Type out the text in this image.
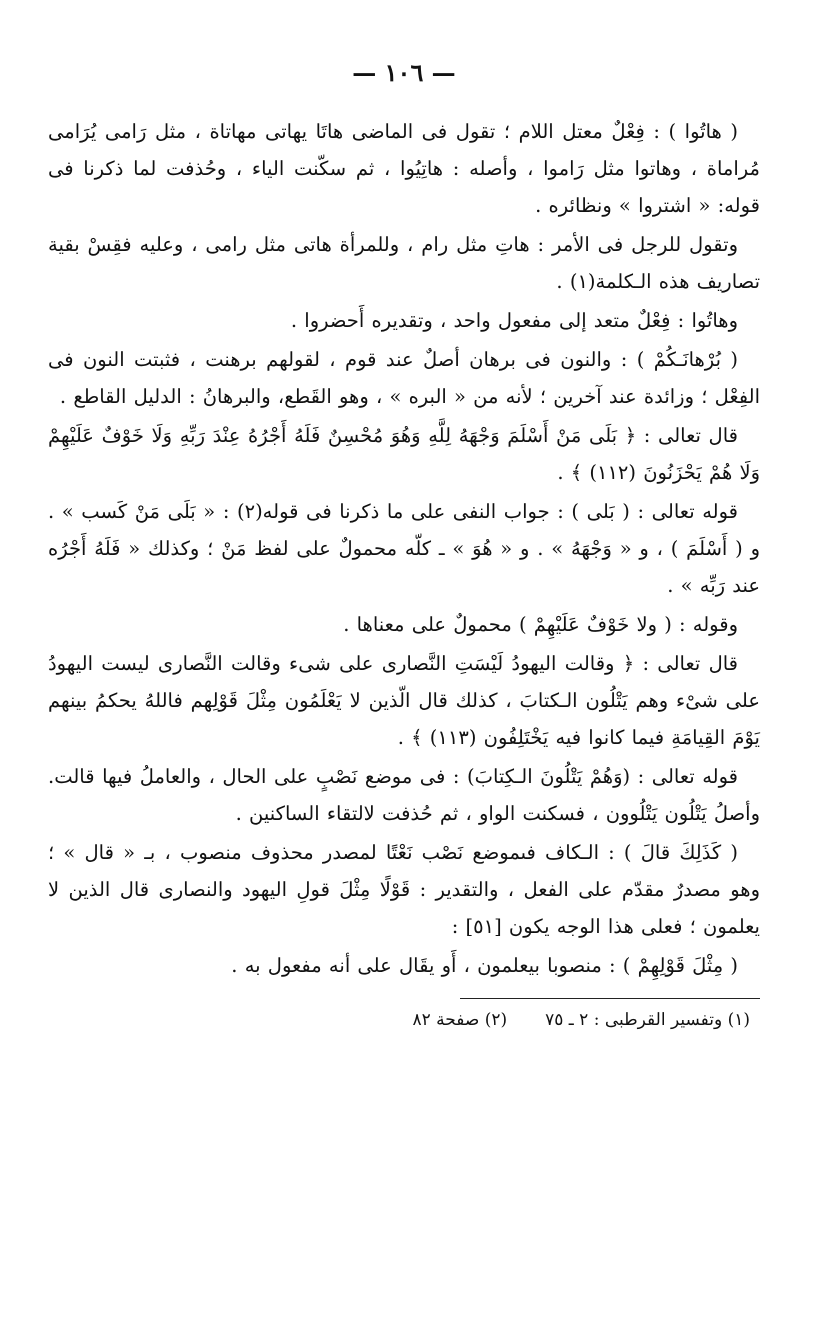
— ١٠٦ —

( هاتُوا ) : فِعْلٌ معتل اللام ؛ تقول فى الماضى هاتَا يهاتى مهاتاة ، مثل رَامى يُرَامى مُراماة ، وهاتوا مثل رَاموا ، وأصله : هاتِيُوا ، ثم سكّنت الياء ، وحُذفت لما ذكرنا فى قوله: « اشتروا » ونظائره .

وتقول للرجل فى الأمر : هاتِ مثل رام ، وللمرأة هاتى مثل رامى ، وعليه فقِسْ بقية تصاريف هذه الـكلمة(١) .

وهاتُوا : فِعْلٌ متعد إلى مفعول واحد ، وتقديره أَحضروا .

( بُرْهانَـكُمْ ) : والنون فى برهان أصلٌ عند قوم ، لقولهم برهنت ، فثبتت النون فى الفِعْل ؛ وزائدة عند آخرين ؛ لأنه من « البره » ، وهو القَطع، والبرهانُ : الدليل القاطع .

قال تعالى : ﴿ بَلَى مَنْ أَسْلَمَ وَجْهَهُ لِلَّهِ وَهُوَ مُحْسِنٌ فَلَهُ أَجْرُهُ عِنْدَ رَبِّهِ وَلَا خَوْفٌ عَلَيْهِمْ وَلَا هُمْ يَحْزَنُونَ (١١٢) ﴾ .

قوله تعالى : ( بَلى ) : جواب النفى على ما ذكرنا فى قوله(٢) : « بَلَى مَنْ كَسب » . و ( أَسْلَمَ ) ، و « وَجْهَهُ » . و « هُوَ » ـ كلّه محمولٌ على لفظ مَنْ ؛ وكذلك « فَلَهُ أَجْرُه عند رَبِّه » .

وقوله : ( ولا خَوْفٌ عَلَيْهِمْ ) محمولٌ على معناها .

قال تعالى : ﴿ وقالت اليهودُ لَيْسَتِ النَّصارى على شىء وقالت النَّصارى ليست اليهودُ على شىْء وهم يَتْلُون الـكتابَ ، كذلك قال الّذين لا يَعْلَمُون مِثْلَ قَوْلِهم فاللهُ يحكمُ بينهم يَوْمَ القِيامَةِ فيما كانوا فيه يَخْتَلِفُون (١١٣) ﴾ .

قوله تعالى : (وَهُمْ يَتْلُونَ الـكِتابَ) : فى موضع نَصْبٍ على الحال ، والعاملُ فيها قالت. وأصلُ يَتْلُون يَتْلُوون ، فسكنت الواو ، ثم حُذفت لالتقاء الساكنين .

( كَذَلِكَ قالَ ) : الـكاف فىموضع نَصْب نَعْتًا لمصدر محذوف منصوب ، بـ « قال » ؛ وهو مصدرٌ مقدّم على الفعل ، والتقدير : قَوْلًا مِثْلَ قولِ اليهود والنصارى قال الذين لا يعلمون ؛ فعلى هذا الوجه يكون [٥١] :

( مِثْلَ قَوْلِهِمْ ) : منصوبا بيعلمون ، أَو يقَال على أنه مفعول به .

(١) وتفسير القرطبى : ٢ ـ ٧٥
(٢) صفحة ٨٢
